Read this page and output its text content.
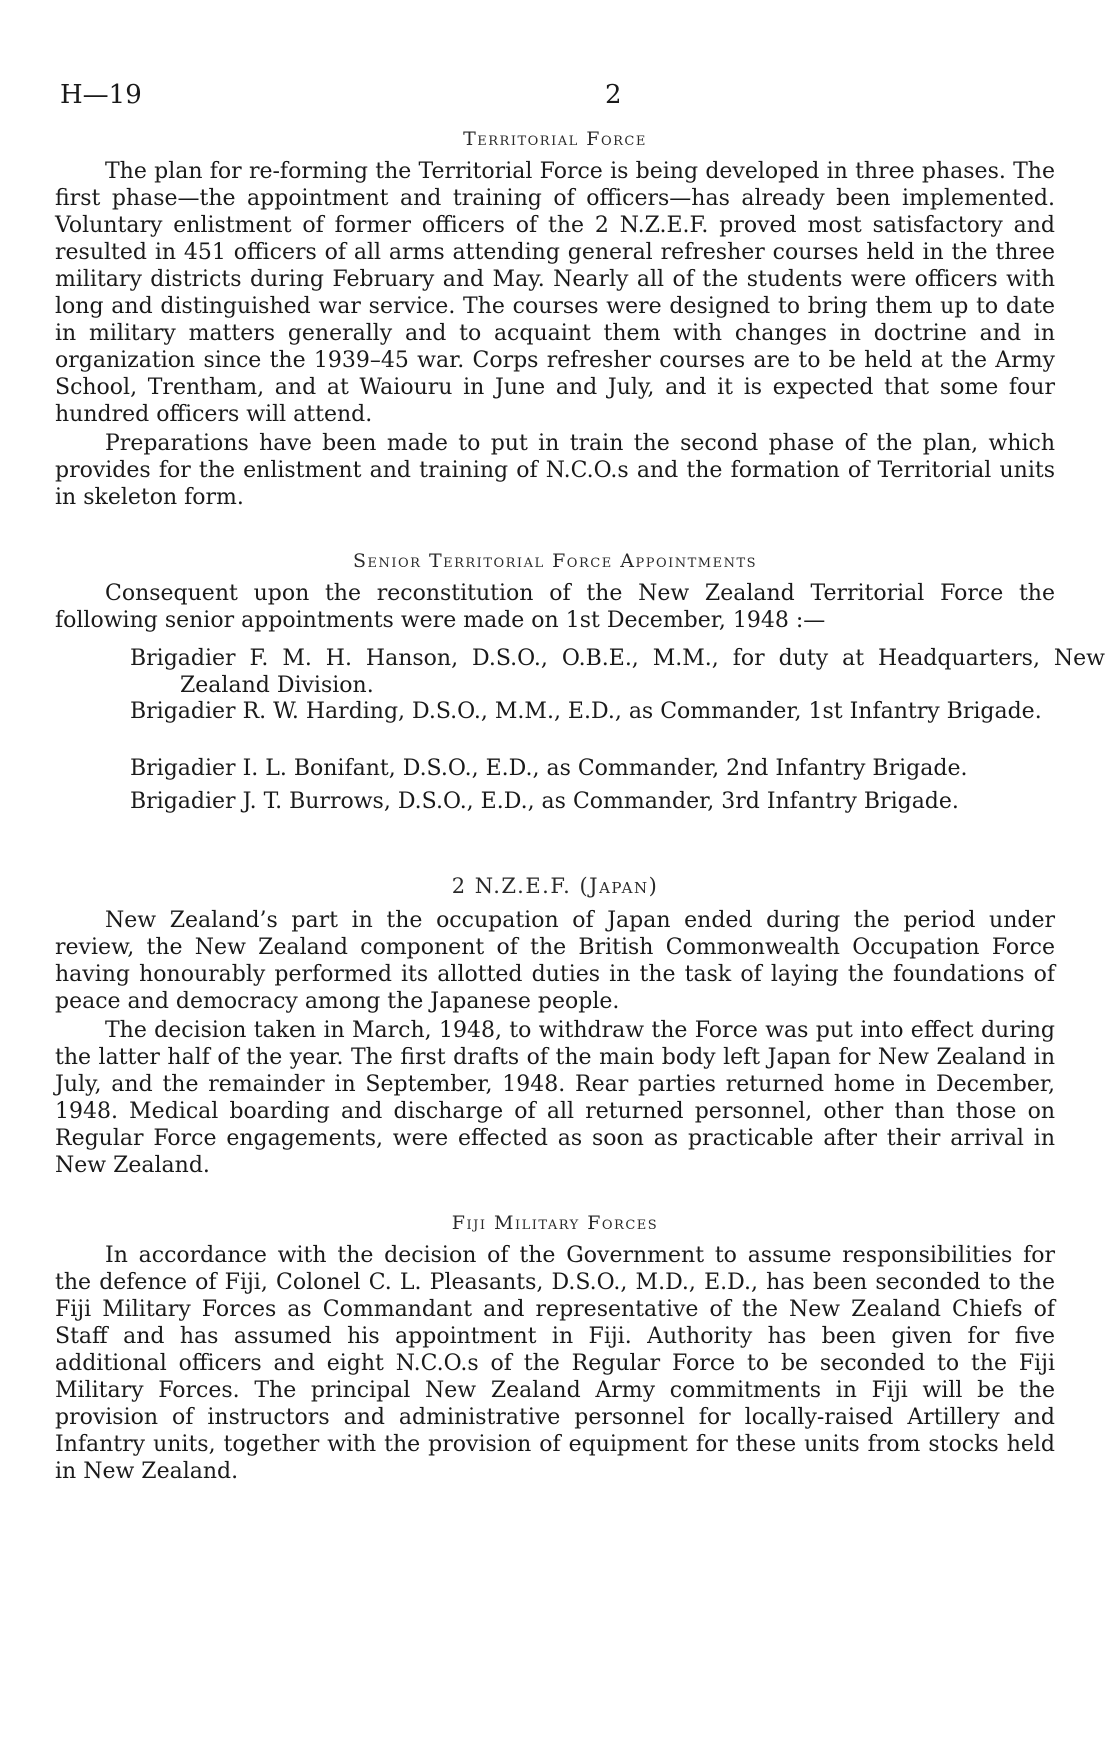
H—19	2
Territorial Force

The plan for re-forming the Territorial Force is being developed in three phases. The first phase—the appointment and training of officers—has already been implemented. Voluntary enlistment of former officers of the 2 N.Z.E.F. proved most satisfactory and resulted in 451 officers of all arms attending general refresher courses held in the three military districts during February and May. Nearly all of the students were officers with long and distinguished war service. The courses were designed to bring them up to date in military matters generally and to acquaint them with changes in doctrine and in organization since the 1939–45 war. Corps refresher courses are to be held at the Army School, Trentham, and at Waiouru in June and July, and it is expected that some four hundred officers will attend.

Preparations have been made to put in train the second phase of the plan, which provides for the enlistment and training of N.C.O.s and the formation of Territorial units in skeleton form.

Senior Territorial Force Appointments

Consequent upon the reconstitution of the New Zealand Territorial Force the following senior appointments were made on 1st December, 1948 :—

Brigadier F. M. H. Hanson, D.S.O., O.B.E., M.M., for duty at Headquarters, New Zealand Division.

Brigadier R. W. Harding, D.S.O., M.M., E.D., as Commander, 1st Infantry Brigade.

Brigadier I. L. Bonifant, D.S.O., E.D., as Commander, 2nd Infantry Brigade.

Brigadier J. T. Burrows, D.S.O., E.D., as Commander, 3rd Infantry Brigade.

2 N.Z.E.F. (Japan)

New Zealand’s part in the occupation of Japan ended during the period under review, the New Zealand component of the British Commonwealth Occupation Force having honourably performed its allotted duties in the task of laying the foundations of peace and democracy among the Japanese people.

The decision taken in March, 1948, to withdraw the Force was put into effect during the latter half of the year. The first drafts of the main body left Japan for New Zealand in July, and the remainder in September, 1948. Rear parties returned home in December, 1948. Medical boarding and discharge of all returned personnel, other than those on Regular Force engagements, were effected as soon as practicable after their arrival in New Zealand.

Fiji Military Forces

In accordance with the decision of the Government to assume responsibilities for the defence of Fiji, Colonel C. L. Pleasants, D.S.O., M.D., E.D., has been seconded to the Fiji Military Forces as Commandant and representative of the New Zealand Chiefs of Staff and has assumed his appointment in Fiji. Authority has been given for five additional officers and eight N.C.O.s of the Regular Force to be seconded to the Fiji Military Forces. The principal New Zealand Army commitments in Fiji will be the provision of instructors and administrative personnel for locally-raised Artillery and Infantry units, together with the provision of equipment for these units from stocks held in New Zealand.
